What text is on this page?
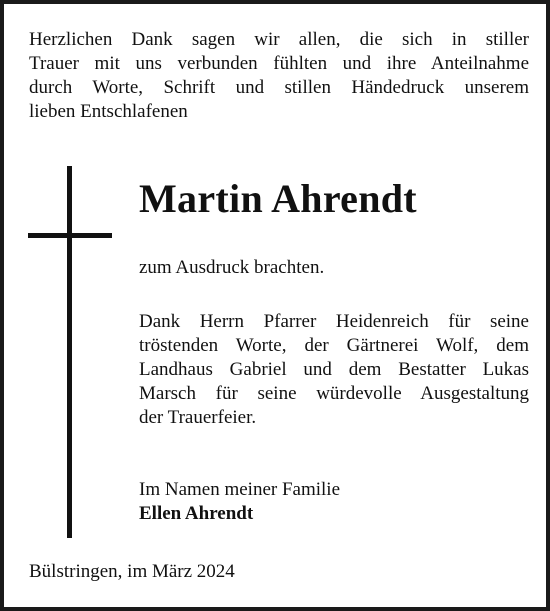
Herzlichen Dank sagen wir allen, die sich in stiller
Trauer mit uns verbunden fühlten und ihre Anteilnahme
durch Worte, Schrift und stillen Händedruck unserem
lieben Entschlafenen
Martin Ahrendt
zum Ausdruck brachten.
Dank Herrn Pfarrer Heidenreich für seine
tröstenden Worte, der Gärtnerei Wolf, dem
Landhaus Gabriel und dem Bestatter Lukas
Marsch für seine würdevolle Ausgestaltung
der Trauerfeier.
Im Namen meiner Familie
Ellen Ahrendt
Bülstringen, im März 2024
